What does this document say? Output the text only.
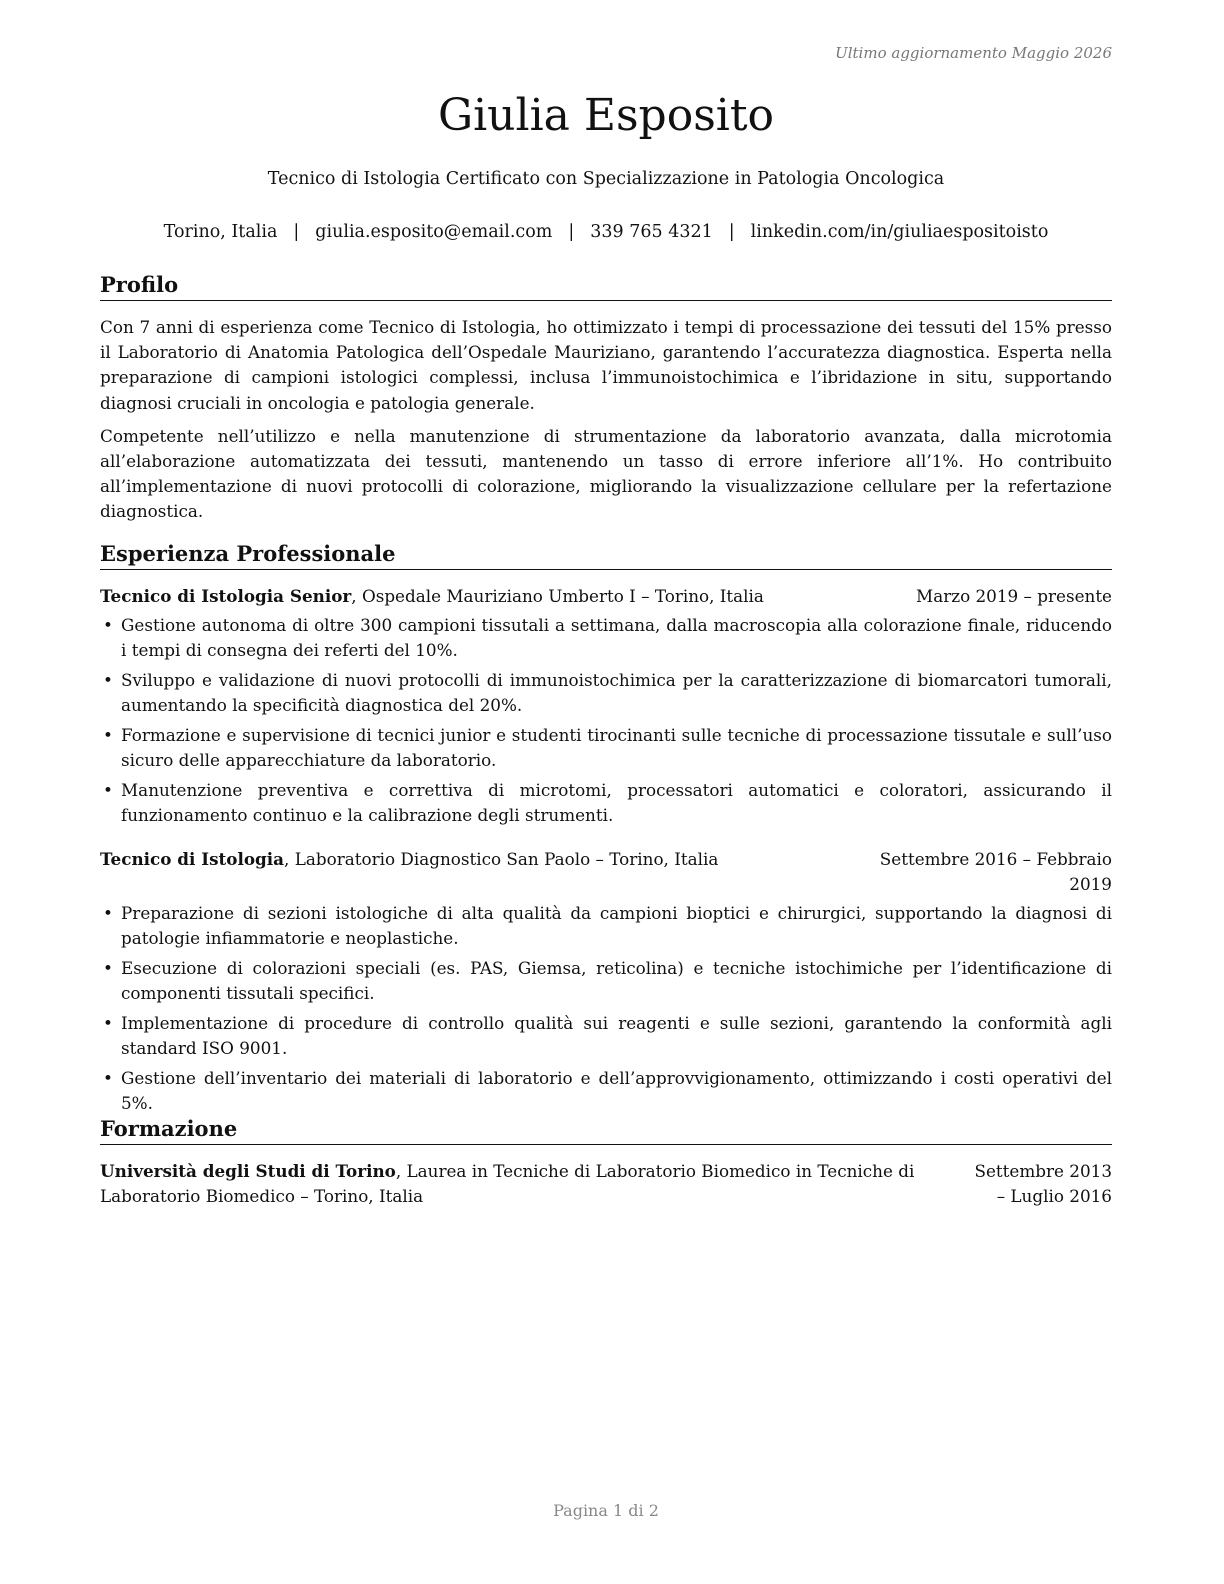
Ultimo aggiornamento Maggio 2026
Giulia Esposito
Tecnico di Istologia Certificato con Specializzazione in Patologia Oncologica
Torino, Italia | giulia.esposito@email.com | 339 765 4321 | linkedin.com/in/giuliaespositoisto
Profilo

Con 7 anni di esperienza come Tecnico di Istologia, ho ottimizzato i tempi di processazione dei tessuti del 15% presso il Laboratorio di Anatomia Patologica dell’Ospedale Mauriziano, garantendo l’accuratezza diagnostica. Esperta nella preparazione di campioni istologici complessi, inclusa l’immunoistochimica e l’ibridazione in situ, supportando diagnosi cruciali in oncologia e patologia generale.

Competente nell’utilizzo e nella manutenzione di strumentazione da laboratorio avanzata, dalla microtomia all’elaborazione automatizzata dei tessuti, mantenendo un tasso di errore inferiore all’1%. Ho contribuito all’implementazione di nuovi protocolli di colorazione, migliorando la visualizzazione cellulare per la refertazione diagnostica.

Esperienza Professionale
Tecnico di Istologia Senior, Ospedale Mauriziano Umberto I – Torino, Italia	Marzo 2019 – presente
• Gestione autonoma di oltre 300 campioni tissutali a settimana, dalla macroscopia alla colorazione finale, riducendo i tempi di consegna dei referti del 10%.
• Sviluppo e validazione di nuovi protocolli di immunoistochimica per la caratterizzazione di biomarcatori tumorali, aumentando la specificità diagnostica del 20%.
• Formazione e supervisione di tecnici junior e studenti tirocinanti sulle tecniche di processazione tissutale e sull’uso sicuro delle apparecchiature da laboratorio.
• Manutenzione preventiva e correttiva di microtomi, processatori automatici e coloratori, assicurando il funzionamento continuo e la calibrazione degli strumenti.
Tecnico di Istologia, Laboratorio Diagnostico San Paolo – Torino, Italia	Settembre 2016 – Febbraio 2019
• Preparazione di sezioni istologiche di alta qualità da campioni bioptici e chirurgici, supportando la diagnosi di patologie infiammatorie e neoplastiche.
• Esecuzione di colorazioni speciali (es. PAS, Giemsa, reticolina) e tecniche istochimiche per l’identificazione di componenti tissutali specifici.
• Implementazione di procedure di controllo qualità sui reagenti e sulle sezioni, garantendo la conformità agli standard ISO 9001.
• Gestione dell’inventario dei materiali di laboratorio e dell’approvvigionamento, ottimizzando i costi operativi del 5%.
Formazione
Università degli Studi di Torino, Laurea in Tecniche di Laboratorio Biomedico in Tecniche di Laboratorio Biomedico – Torino, Italia
Settembre 2013 – Luglio 2016
Pagina 1 di 2
